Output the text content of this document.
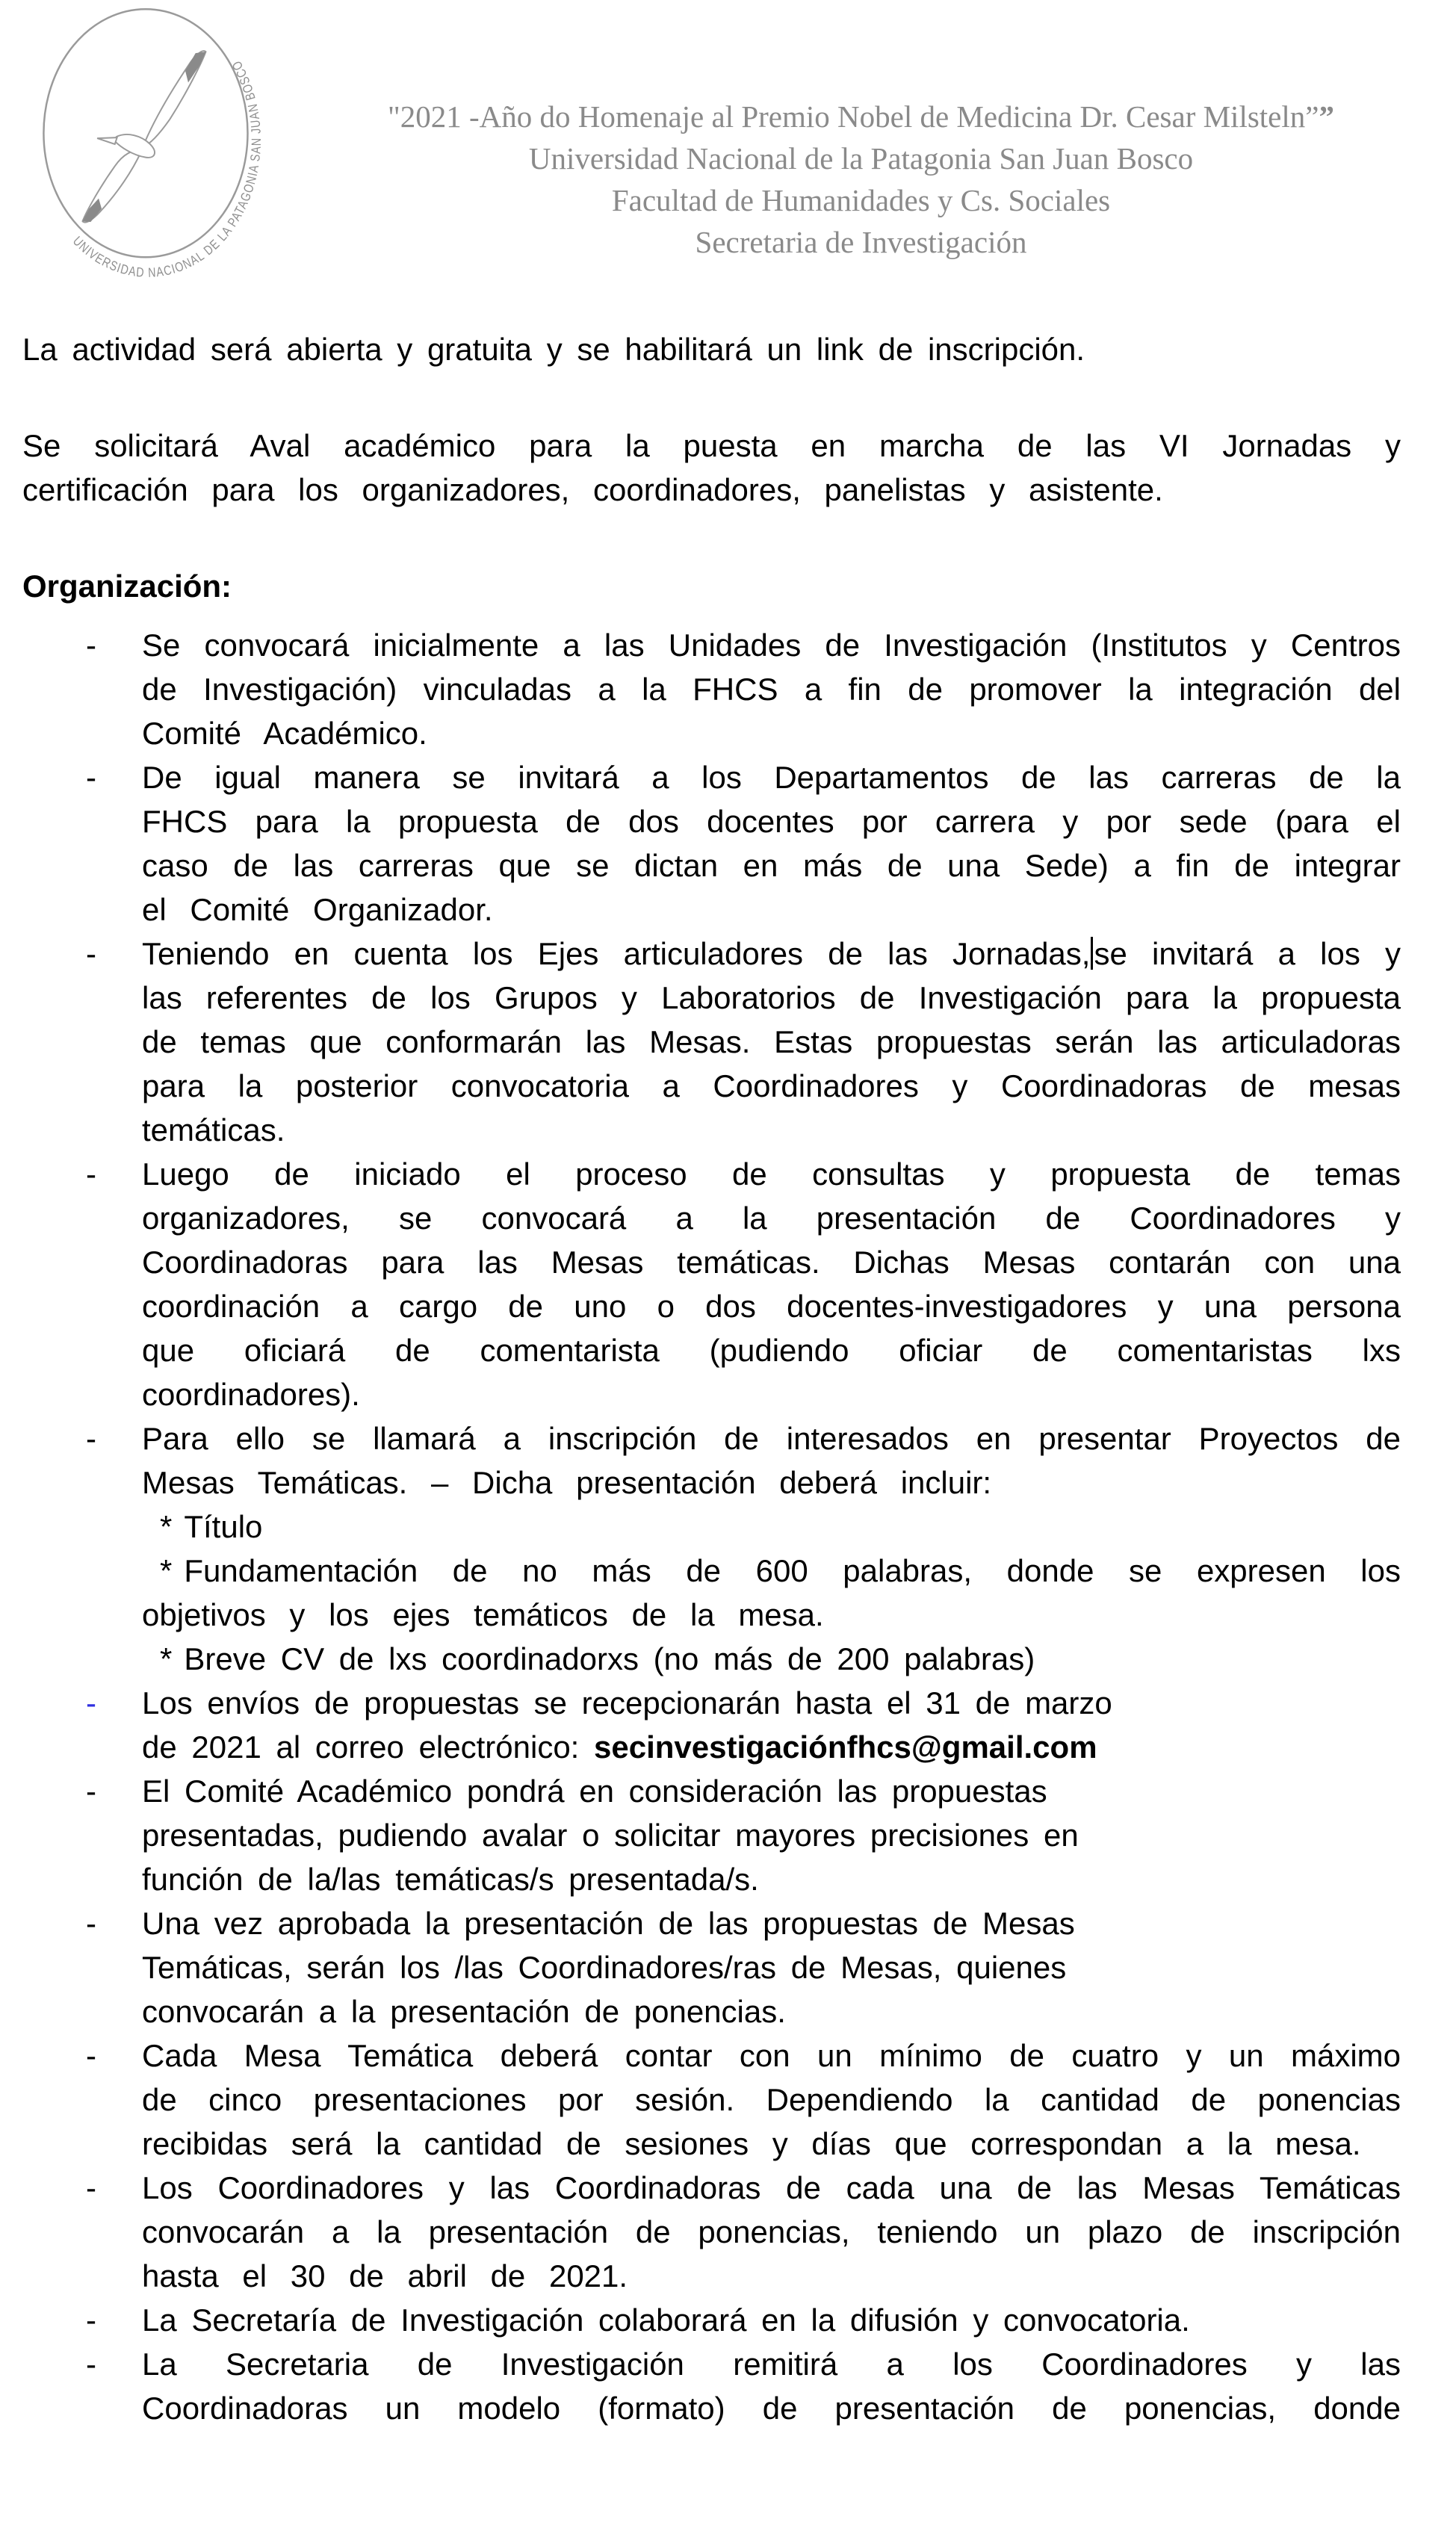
UNIVERSIDAD NACIONAL DE LA PATAGONIA SAN JUAN BOSCO
"2021 -Año do Homenaje al Premio Nobel de Medicina Dr. Cesar Milsteln””
Universidad Nacional de la Patagonia San Juan Bosco
Facultad de Humanidades y Cs. Sociales
Secretaria de Investigación

La actividad será abierta y gratuita y se habilitará un link de inscripción.

Se solicitará Aval académico para la puesta en marcha de las VI Jornadas y certificación para los organizadores, coordinadores, panelistas y asistente.

Organización:

-	Se convocará inicialmente a las Unidades de Investigación (Institutos y Centros de Investigación) vinculadas a la FHCS a fin de promover la integración del Comité Académico.

-	De igual manera se invitará a los Departamentos de las carreras de la FHCS para la propuesta de dos docentes por carrera y por sede (para el caso de las carreras que se dictan en más de una Sede) a fin de integrar el Comité Organizador.

-	Teniendo en cuenta los Ejes articuladores de las Jornadas, se invitará a los y las referentes de los Grupos y Laboratorios de Investigación para la propuesta de temas que conformarán las Mesas. Estas propuestas serán las articuladoras para la posterior convocatoria a Coordinadores y Coordinadoras de mesas temáticas.

-	Luego de iniciado el proceso de consultas y propuesta de temas organizadores, se convocará a la presentación de Coordinadores y Coordinadoras para las Mesas temáticas. Dichas Mesas contarán con una coordinación a cargo de uno o dos docentes-investigadores y una persona que oficiará de comentarista (pudiendo oficiar de comentaristas lxs coordinadores).

-	Para ello se llamará a inscripción de interesados en presentar Proyectos de Mesas Temáticas. – Dicha presentación deberá incluir:

* Título

* Fundamentación de no más de 600 palabras, donde se expresen los objetivos y los ejes temáticos de la mesa.

* Breve CV de lxs coordinadorxs (no más de 200 palabras)

-	Los envíos de propuestas se recepcionarán hasta el 31 de marzo de 2021 al correo electrónico: secinvestigaciónfhcs@gmail.com

-	El Comité Académico pondrá en consideración las propuestas presentadas, pudiendo avalar o solicitar mayores precisiones en función de la/las temáticas/s presentada/s.

-	Una vez aprobada la presentación de las propuestas de Mesas Temáticas, serán los /las Coordinadores/ras de Mesas, quienes convocarán a la presentación de ponencias.

-	Cada Mesa Temática deberá contar con un mínimo de cuatro y un máximo de cinco presentaciones por sesión. Dependiendo la cantidad de ponencias recibidas será la cantidad de sesiones y días que correspondan a la mesa.

-	Los Coordinadores y las Coordinadoras de cada una de las Mesas Temáticas convocarán a la presentación de ponencias, teniendo un plazo de inscripción hasta el 30 de abril de 2021.

-	La Secretaría de Investigación colaborará en la difusión y convocatoria.

-	La Secretaria de Investigación remitirá a los Coordinadores y las Coordinadoras un modelo (formato) de presentación de ponencias, donde
